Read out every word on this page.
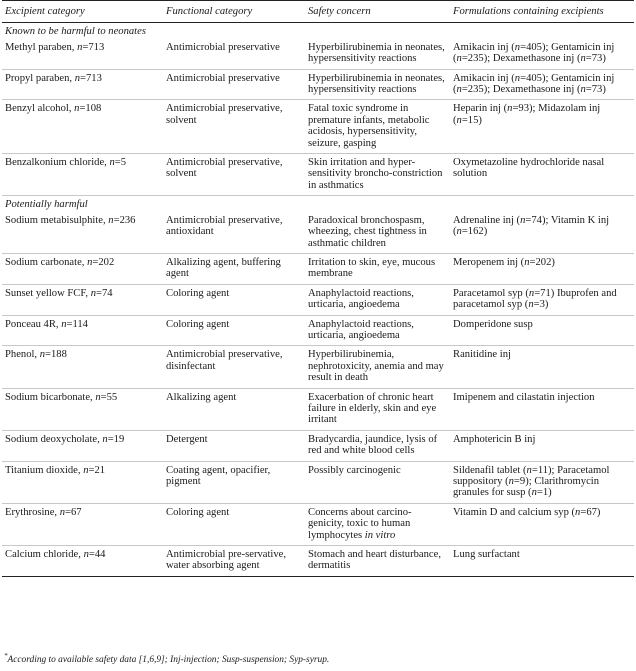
Excipient category	Functional category	Safety concern	Formulations containing excipients
Known to be harmful to neonates			
Methyl paraben, n=713	Antimicrobial preservative	Hyperbilirubinemia in neonates, hypersensitivity reactions	Amikacin inj (n=405); Gentamicin inj (n=235); Dexamethasone inj (n=73)
Propyl paraben, n=713	Antimicrobial preservative	Hyperbilirubinemia in neonates, hypersensitivity reactions	Amikacin inj (n=405); Gentamicin inj (n=235); Dexamethasone inj (n=73)
Benzyl alcohol, n=108	Antimicrobial preservative, solvent	Fatal toxic syndrome in premature infants, metabolic acidosis, hypersensitivity, seizure, gasping	Heparin inj (n=93); Midazolam inj (n=15)
Benzalkonium chloride, n=5	Antimicrobial preservative, solvent	Skin irritation and hyper-sensitivity broncho-constriction in asthmatics	Oxymetazoline hydrochloride nasal solution
Potentially harmful			
Sodium metabisulphite, n=236	Antimicrobial preservative, antioxidant	Paradoxical bronchospasm, wheezing, chest tightness in asthmatic children	Adrenaline inj (n=74); Vitamin K inj (n=162)
Sodium carbonate, n=202	Alkalizing agent, buffering agent	Irritation to skin, eye, mucous membrane	Meropenem inj (n=202)
Sunset yellow FCF, n=74	Coloring agent	Anaphylactoid reactions, urticaria, angioedema	Paracetamol syp (n=71) Ibuprofen and paracetamol syp (n=3)
Ponceau 4R, n=114	Coloring agent	Anaphylactoid reactions, urticaria, angioedema	Domperidone susp
Phenol, n=188	Antimicrobial preservative, disinfectant	Hyperbilirubinemia, nephrotoxicity, anemia and may result in death	Ranitidine inj
Sodium bicarbonate, n=55	Alkalizing agent	Exacerbation of chronic heart failure in elderly, skin and eye irritant	Imipenem and cilastatin injection
Sodium deoxycholate, n=19	Detergent	Bradycardia, jaundice, lysis of red and white blood cells	Amphotericin B inj
Titanium dioxide, n=21	Coating agent, opacifier, pigment	Possibly carcinogenic	Sildenafil tablet (n=11); Paracetamol suppository (n=9); Clarithromycin granules for susp (n=1)
Erythrosine, n=67	Coloring agent	Concerns about carcino-genicity, toxic to human lymphocytes in vitro	Vitamin D and calcium syp (n=67)
Calcium chloride, n=44	Antimicrobial pre-servative, water absorbing agent	Stomach and heart disturbance, dermatitis	Lung surfactant
*According to available safety data [1,6,9]; Inj-injection; Susp-suspension; Syp-syrup.
